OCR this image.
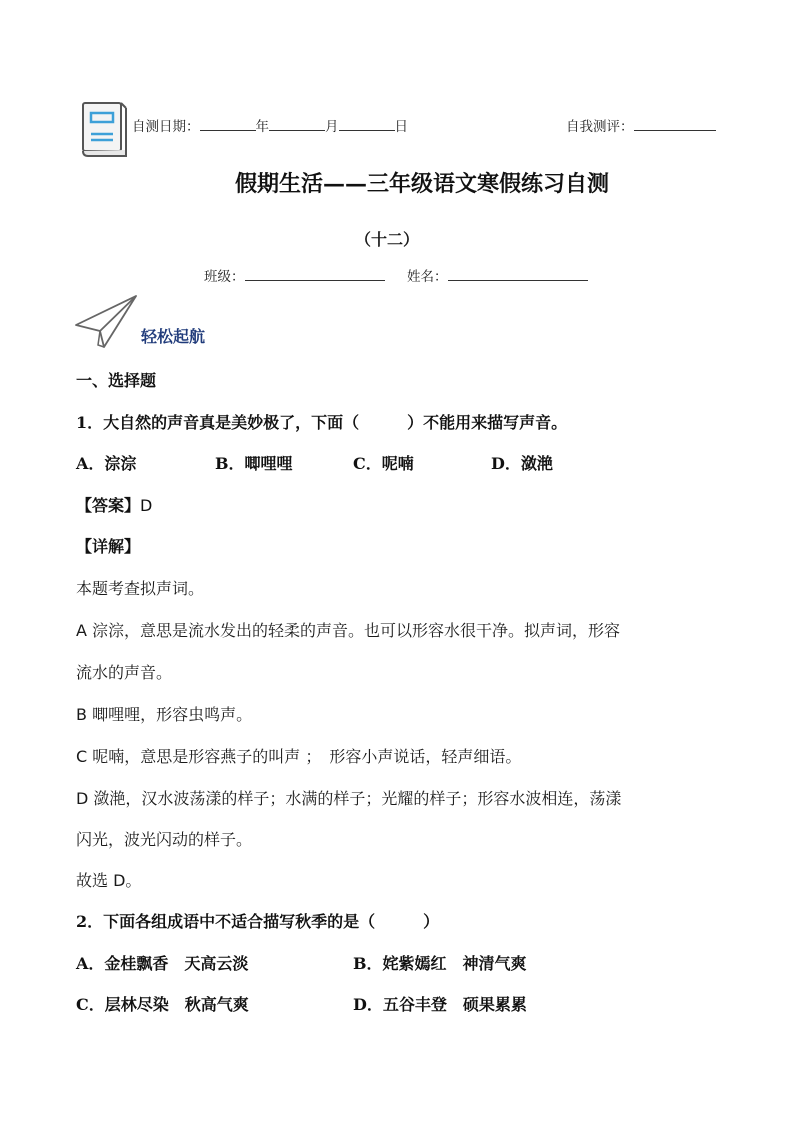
自测日期：	年	月	日	自我测评：
假期生活——三年级语文寒假练习自测
（十二）
班级：	姓名：
轻松起航
一、选择题
1．大自然的声音真是美妙极了，下面（　　　）不能用来描写声音。
A．淙淙	B．唧哩哩	C．呢喃	D．潋滟
【答案】D
【详解】
本题考查拟声词。
A 淙淙，意思是流水发出的轻柔的声音。也可以形容水很干净。拟声词，形容
流水的声音。
B 唧哩哩，形容虫鸣声。
C 呢喃，意思是形容燕子的叫声 ；　形容小声说话，轻声细语。
D 潋滟，汉水波荡漾的样子；水满的样子；光耀的样子；形容水波相连，荡漾
闪光，波光闪动的样子。
故选 D。
2．下面各组成语中不适合描写秋季的是（　　　）
A．金桂飘香　天高云淡	B．姹紫嫣红　神清气爽
C．层林尽染　秋高气爽	D．五谷丰登　硕果累累
